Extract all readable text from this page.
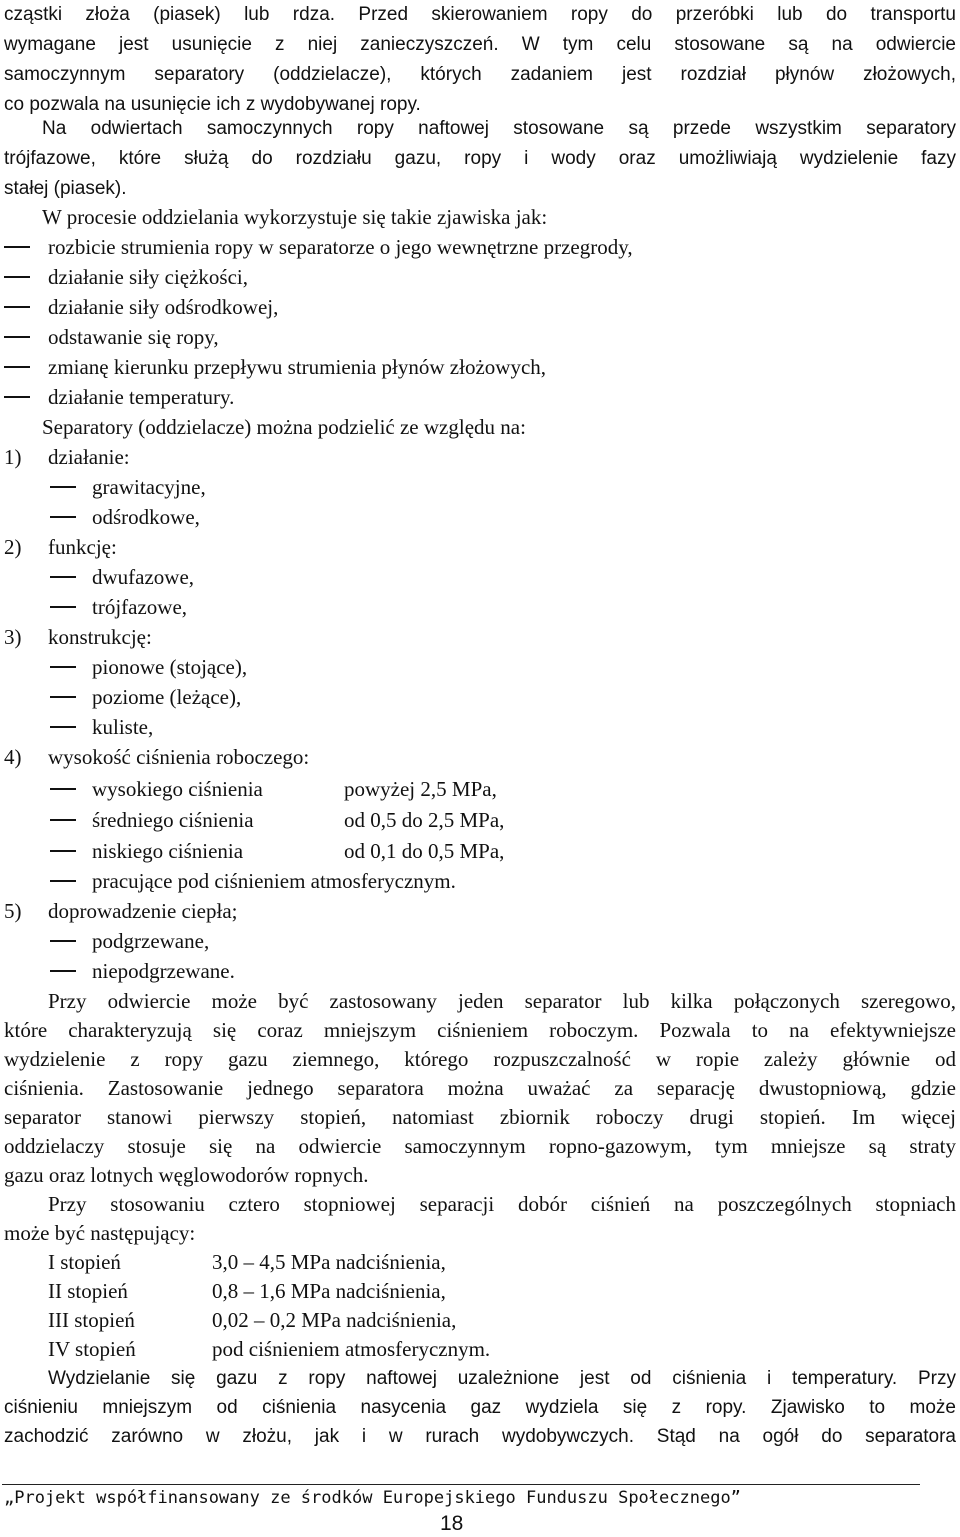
cząstki złoża (piasek) lub rdza. Przed skierowaniem ropy do przeróbki lub do transportu
wymagane jest usunięcie z niej zanieczyszczeń. W tym celu stosowane są na odwiercie
samoczynnym separatory (oddzielacze), których zadaniem jest rozdział płynów złożowych,
co pozwala na usunięcie ich z wydobywanej ropy.
Na odwiertach samoczynnych ropy naftowej stosowane są przede wszystkim separatory
trójfazowe, które służą do rozdziału gazu, ropy i wody oraz umożliwiają wydzielenie fazy
stałej (piasek).
W procesie oddzielania wykorzystuje się takie zjawiska jak:
rozbicie strumienia ropy w separatorze o jego wewnętrzne przegrody,
działanie siły ciężkości,
działanie siły odśrodkowej,
odstawanie się ropy,
zmianę kierunku przepływu strumienia płynów złożowych,
działanie temperatury.
Separatory (oddzielacze) można podzielić ze względu na:
1) działanie:
grawitacyjne,
odśrodkowe,
2) funkcję:
dwufazowe,
trójfazowe,
3) konstrukcję:
pionowe (stojące),
poziome (leżące),
kuliste,
4) wysokość ciśnienia roboczego:
wysokiego ciśnienia	powyżej 2,5 MPa,
średniego ciśnienia	od 0,5 do 2,5 MPa,
niskiego ciśnienia	od 0,1 do 0,5 MPa,
pracujące pod ciśnieniem atmosferycznym.
5) doprowadzenie ciepła;
podgrzewane,
niepodgrzewane.
Przy odwiercie może być zastosowany jeden separator lub kilka połączonych szeregowo,
które charakteryzują się coraz mniejszym ciśnieniem roboczym. Pozwala to na efektywniejsze
wydzielenie z ropy gazu ziemnego, którego rozpuszczalność w ropie zależy głównie od
ciśnienia. Zastosowanie jednego separatora można uważać za separację dwustopniową, gdzie
separator stanowi pierwszy stopień, natomiast zbiornik roboczy drugi stopień. Im więcej
oddzielaczy stosuje się na odwiercie samoczynnym ropno-gazowym, tym mniejsze są straty
gazu oraz lotnych węglowodorów ropnych.
Przy stosowaniu cztero stopniowej separacji dobór ciśnień na poszczególnych stopniach
może być następujący:
I stopień	3,0 – 4,5 MPa nadciśnienia,
II stopień	0,8 – 1,6 MPa nadciśnienia,
III stopień	0,02 – 0,2 MPa nadciśnienia,
IV stopień	pod ciśnieniem atmosferycznym.
Wydzielanie się gazu z ropy naftowej uzależnione jest od ciśnienia i temperatury. Przy
ciśnieniu mniejszym od ciśnienia nasycenia gaz wydziela się z ropy. Zjawisko to może
zachodzić zarówno w złożu, jak i w rurach wydobywczych. Stąd na ogół do separatora
„Projekt współfinansowany ze środków Europejskiego Funduszu Społecznego”
18
